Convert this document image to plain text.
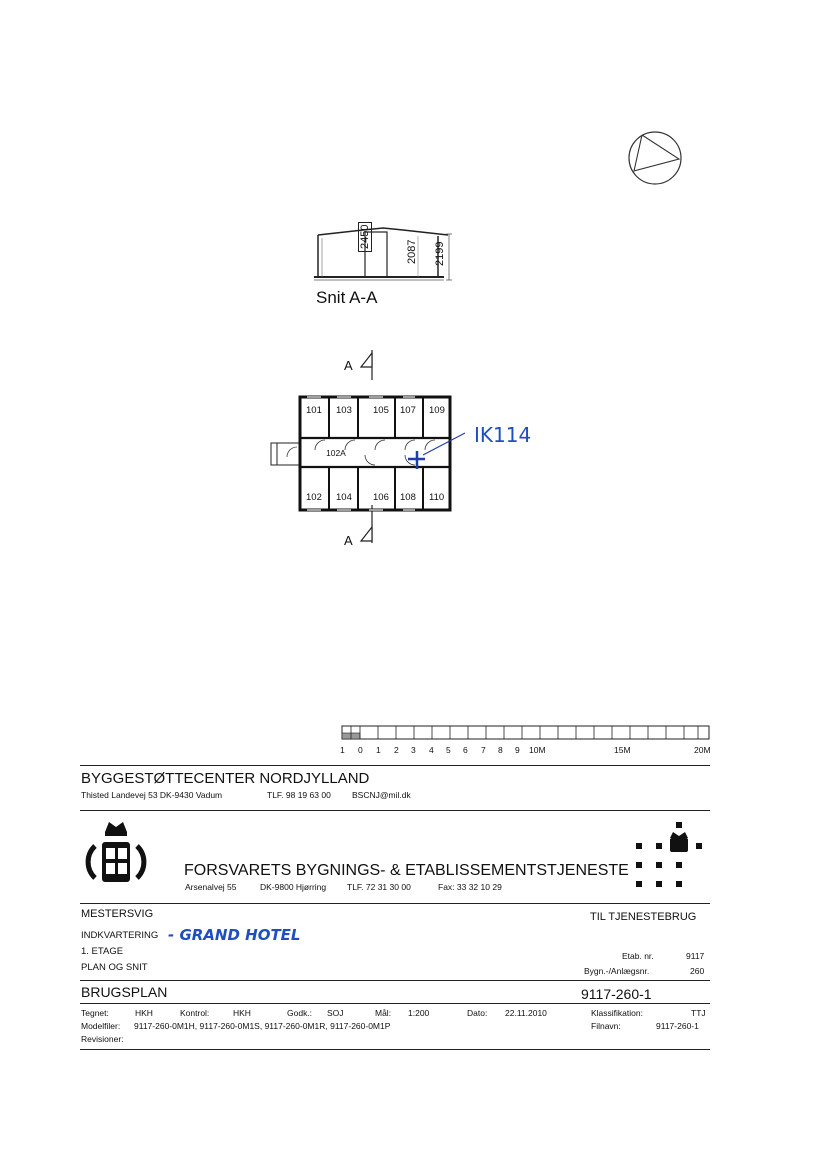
2450
2087 2199
Snit A-A
A
A
101 103 105 107 109
102A
102 104 106 108 110
IK114
1 0 1 2 3 4 5 6 7 8 9 10M	15M	20M
BYGGESTØTTECENTER NORDJYLLAND
Thisted Landevej 53 DK-9430 Vadum	TLF. 98 19 63 00 BSCNJ@mil.dk
FORSVARETS BYGNINGS- & ETABLISSEMENTSTJENESTE
Arsenalvej 55	DK-9800 Hjørring TLF. 72 31 30 00	Fax: 33 32 10 29
MESTERSVIG	TIL TJENESTEBRUG
INDKVARTERING - GRAND HOTEL
1. ETAGE
PLAN OG SNIT
Etab. nr.	9117
Bygn.-/Anlægsnr.	260
BRUGSPLAN	9117-260-1
Tegnet:	HKH	Kontrol:	HKH	Godk.: SOJ	Mål: 1:200	Dato: 22.11.2010	Klassifikation:	TTJ
Modelfiler: 9117-260-0M1H, 9117-260-0M1S, 9117-260-0M1R, 9117-260-0M1P	Filnavn:	9117-260-1
Revisioner:
